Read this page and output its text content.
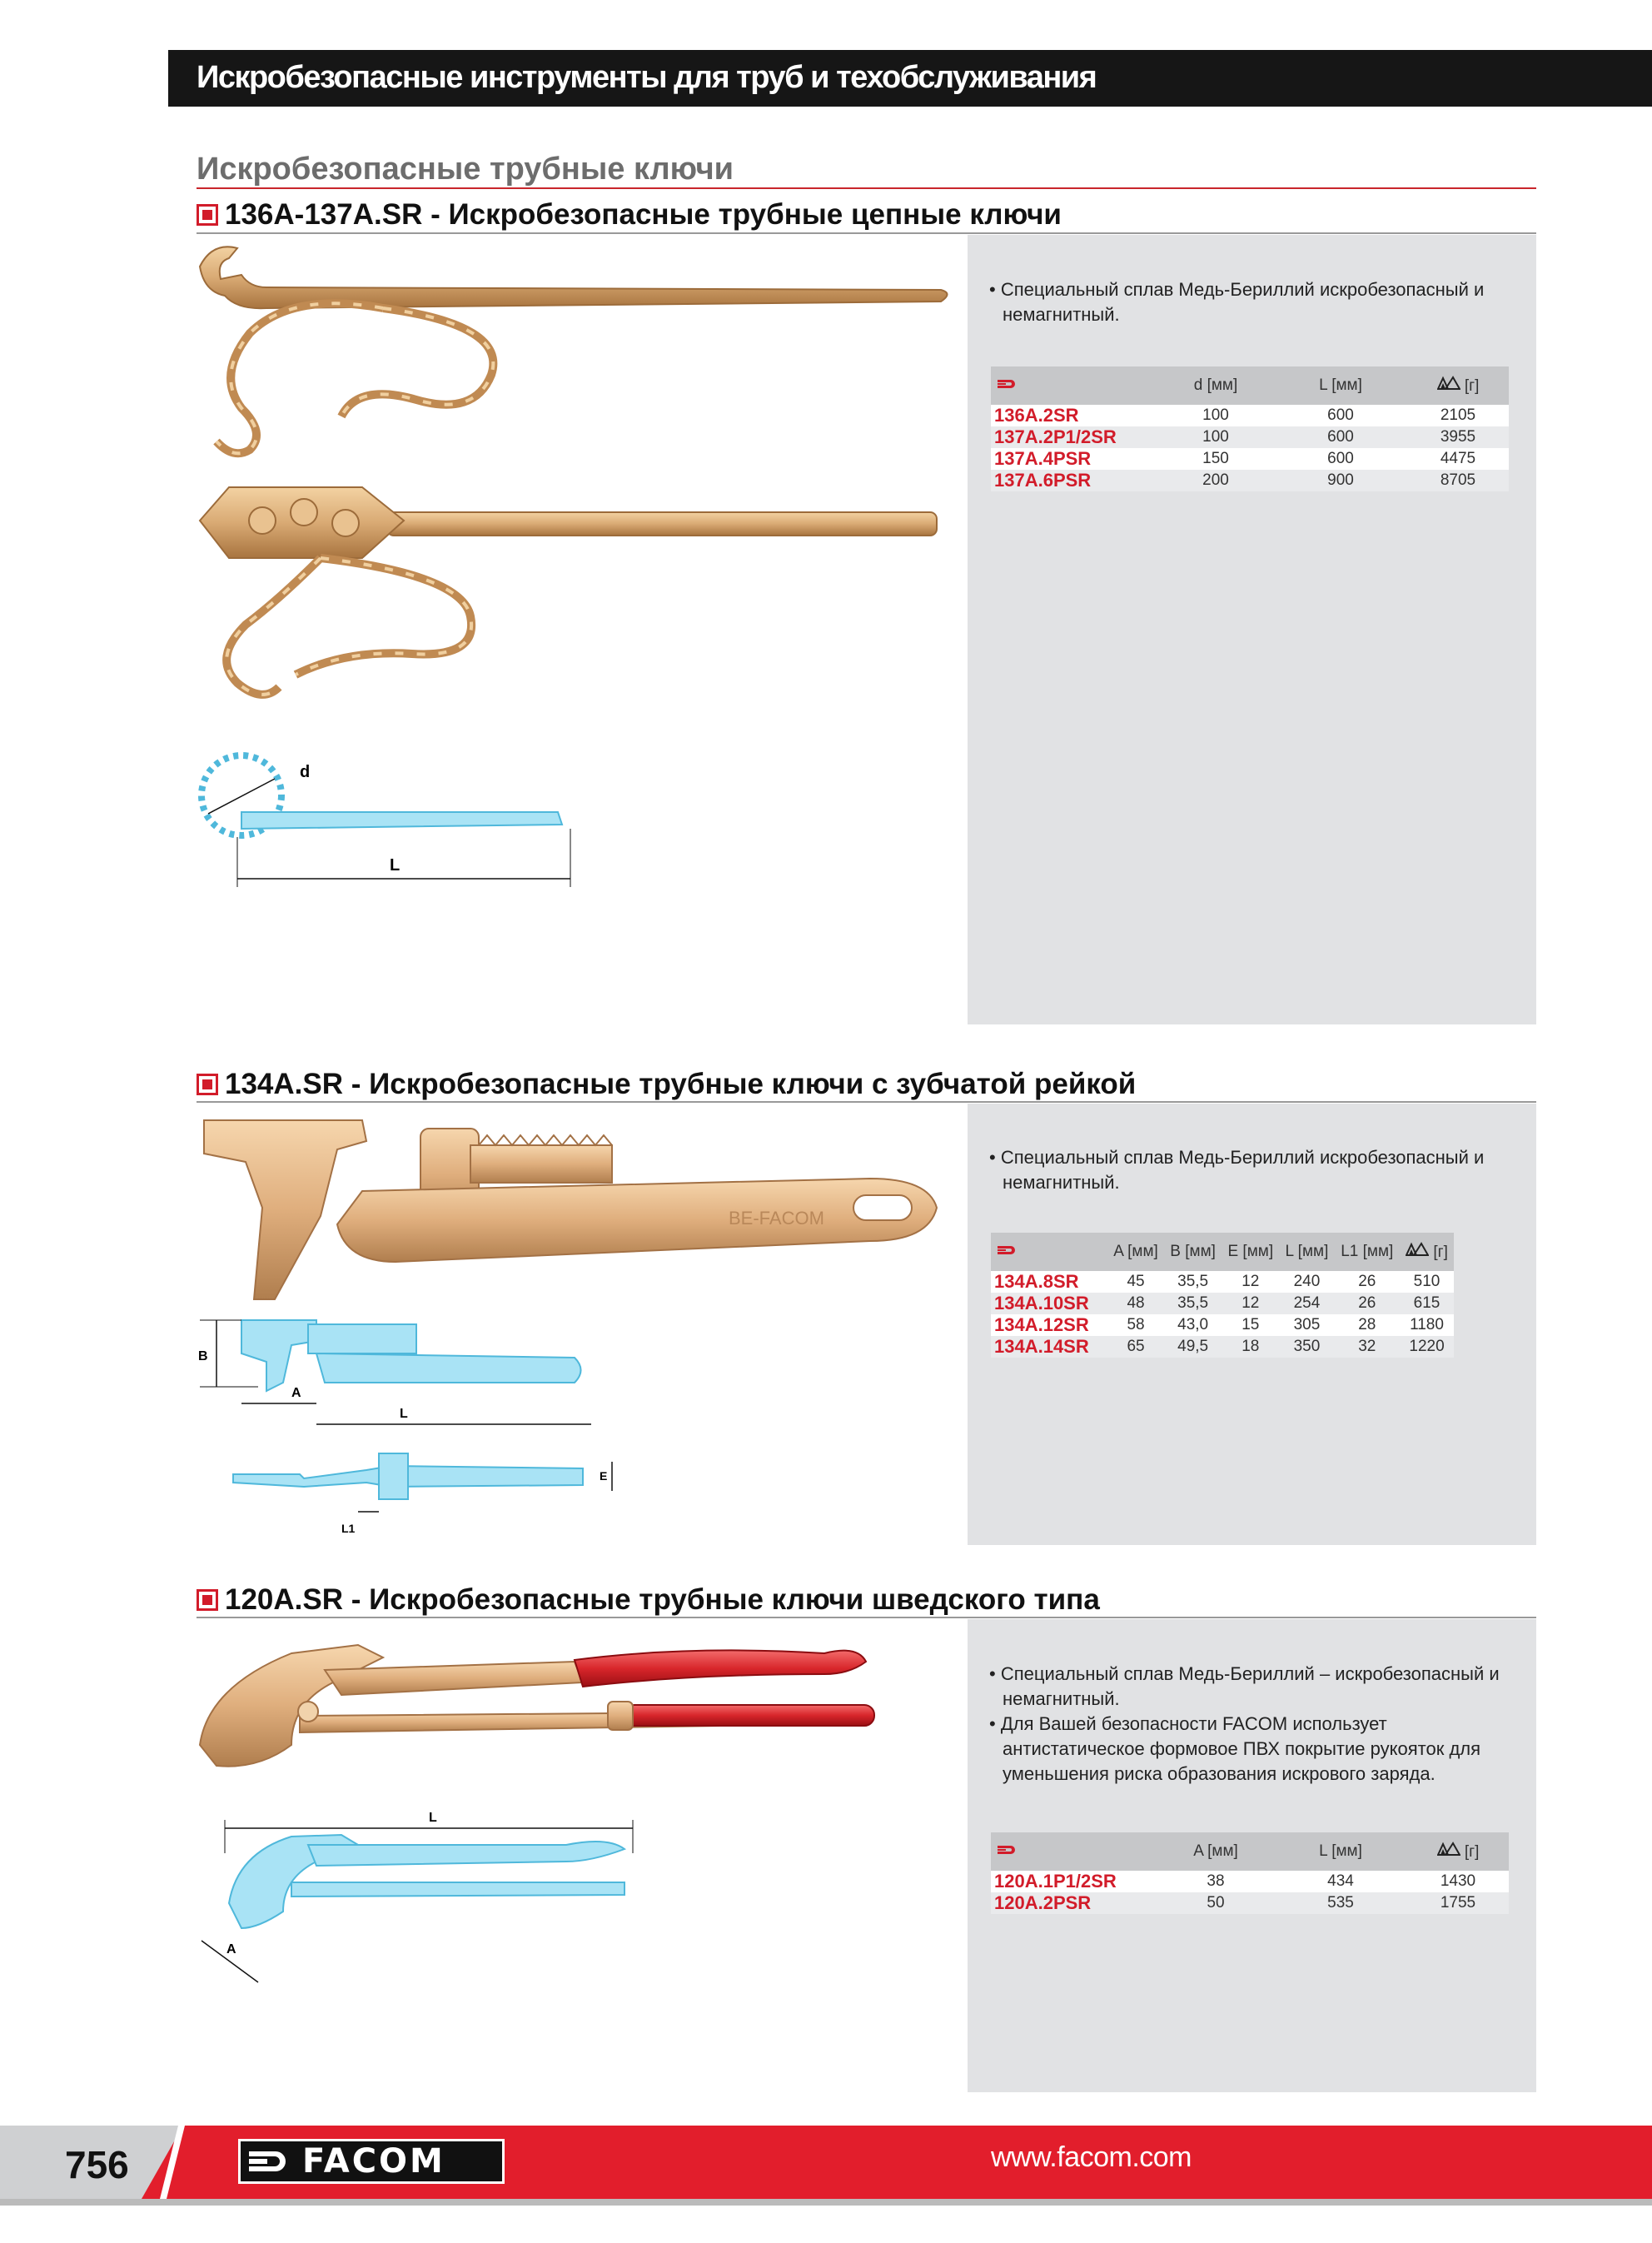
Искробезопасные инструменты для труб и техобслуживания
Искробезопасные трубные ключи
136A-137A.SR - Искробезопасные трубные цепные ключи
• Специальный сплав Медь-Бериллий искробезопасный и немагнитный.
	d [мм]	L [мм]	[г]
136A.2SR	100	600	2105
137A.2P1/2SR	100	600	3955
137A.4PSR	150	600	4475
137A.6PSR	200	900	8705
d
L
134A.SR - Искробезопасные трубные ключи с зубчатой рейкой
• Специальный сплав Медь-Бериллий искробезопасный и немагнитный.
	A [мм]	B [мм]	E [мм]	L [мм]	L1 [мм]	[г]
134A.8SR	45	35,5	12	240	26	510
134A.10SR	48	35,5	12	254	26	615
134A.12SR	58	43,0	15	305	28	1180
134A.14SR	65	49,5	18	350	32	1220
BE-FACOM
B
A
L
E
L1
120A.SR - Искробезопасные трубные ключи шведского типа
• Специальный сплав Медь-Бериллий – искробезопасный и немагнитный.
• Для Вашей безопасности FACOM использует антистатическое формовое ПВХ покрытие рукояток для уменьшения риска образования искрового заряда.
	A [мм]	L [мм]	[г]
120A.1P1/2SR	38	434	1430
120A.2PSR	50	535	1755
L
A
756	FACOM	www.facom.com
